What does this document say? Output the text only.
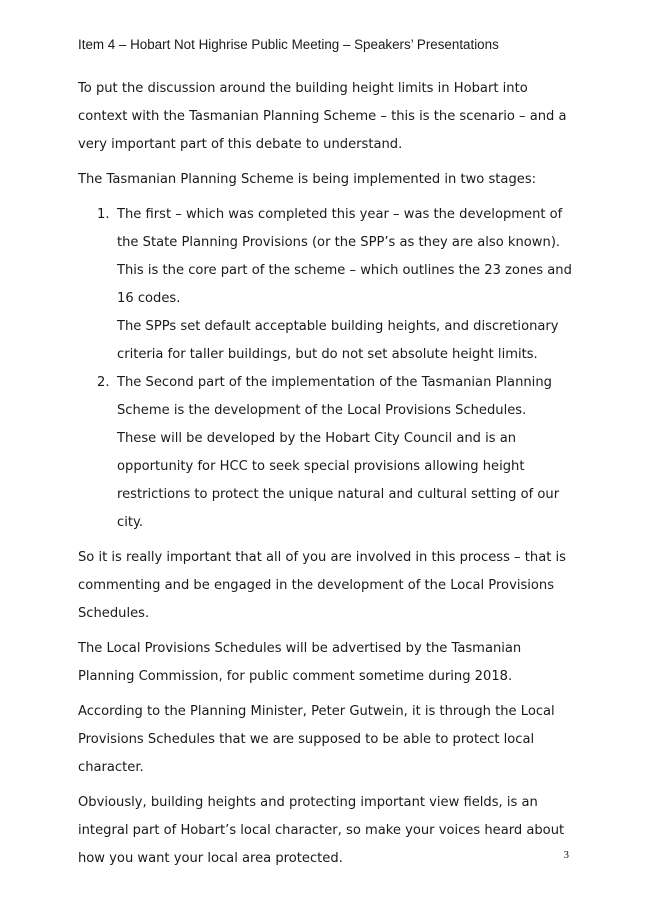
Item 4 – Hobart Not Highrise Public Meeting – Speakers’ Presentations

To put the discussion around the building height limits in Hobart into context with the Tasmanian Planning Scheme – this is the scenario – and a very important part of this debate to understand.

The Tasmanian Planning Scheme is being implemented in two stages:

1. The first – which was completed this year – was the development of the State Planning Provisions (or the SPP’s as they are also known).
This is the core part of the scheme – which outlines the 23 zones and 16 codes.
The SPPs set default acceptable building heights, and discretionary criteria for taller buildings, but do not set absolute height limits.
2. The Second part of the implementation of the Tasmanian Planning Scheme is the development of the Local Provisions Schedules.
These will be developed by the Hobart City Council and is an opportunity for HCC to seek special provisions allowing height restrictions to protect the unique natural and cultural setting of our city.

So it is really important that all of you are involved in this process – that is commenting and be engaged in the development of the Local Provisions Schedules.

The Local Provisions Schedules will be advertised by the Tasmanian Planning Commission, for public comment sometime during 2018.

According to the Planning Minister, Peter Gutwein, it is through the Local Provisions Schedules that we are supposed to be able to protect local character.

Obviously, building heights and protecting important view fields, is an integral part of Hobart’s local character, so make your voices heard about how you want your local area protected.	3
